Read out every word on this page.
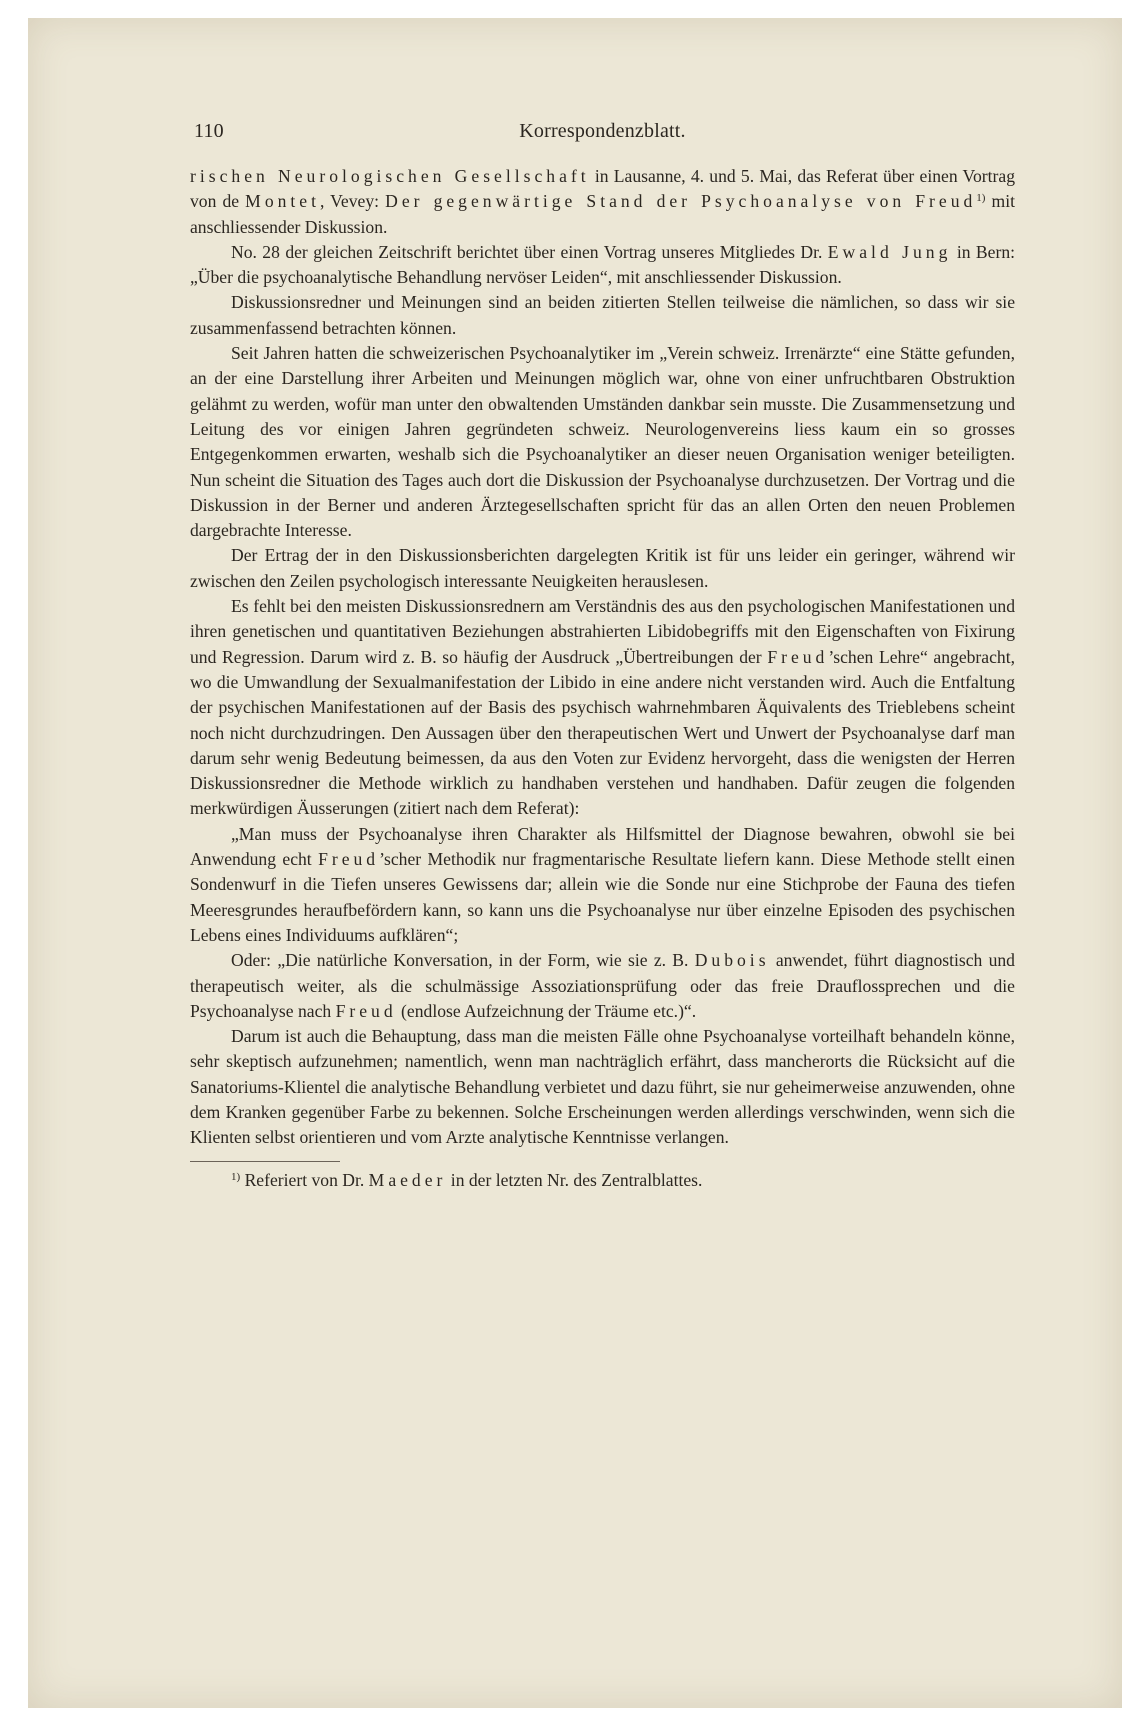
110	Korrespondenzblatt.

rischen Neurologischen Gesellschaft in Lausanne, 4. und 5. Mai, das Referat über einen Vortrag von de Montet, Vevey: Der gegenwärtige Stand der Psychoanalyse von Freud$^{1)}$ mit anschliessender Diskussion.

No. 28 der gleichen Zeitschrift berichtet über einen Vortrag unseres Mitgliedes Dr. Ewald Jung in Bern: „Über die psychoanalytische Behandlung nervöser Leiden“, mit anschliessender Diskussion.

Diskussionsredner und Meinungen sind an beiden zitierten Stellen teilweise die nämlichen, so dass wir sie zusammenfassend betrachten können.

Seit Jahren hatten die schweizerischen Psychoanalytiker im „Verein schweiz. Irrenärzte“ eine Stätte gefunden, an der eine Darstellung ihrer Arbeiten und Meinungen möglich war, ohne von einer unfruchtbaren Obstruktion gelähmt zu werden, wofür man unter den obwaltenden Umständen dankbar sein musste. Die Zusammensetzung und Leitung des vor einigen Jahren gegründeten schweiz. Neurologenvereins liess kaum ein so grosses Entgegenkommen erwarten, weshalb sich die Psychoanalytiker an dieser neuen Organisation weniger beteiligten. Nun scheint die Situation des Tages auch dort die Diskussion der Psychoanalyse durchzusetzen. Der Vortrag und die Diskussion in der Berner und anderen Ärztegesellschaften spricht für das an allen Orten den neuen Problemen dargebrachte Interesse.

Der Ertrag der in den Diskussionsberichten dargelegten Kritik ist für uns leider ein geringer, während wir zwischen den Zeilen psychologisch interessante Neuigkeiten herauslesen.

Es fehlt bei den meisten Diskussionsrednern am Verständnis des aus den psychologischen Manifestationen und ihren genetischen und quantitativen Beziehungen abstrahierten Libidobegriffs mit den Eigenschaften von Fixirung und Regression. Darum wird z. B. so häufig der Ausdruck „Übertreibungen der Freud’schen Lehre“ angebracht, wo die Umwandlung der Sexualmanifestation der Libido in eine andere nicht verstanden wird. Auch die Entfaltung der psychischen Manifestationen auf der Basis des psychisch wahrnehmbaren Äquivalents des Trieblebens scheint noch nicht durchzudringen. Den Aussagen über den therapeutischen Wert und Unwert der Psychoanalyse darf man darum sehr wenig Bedeutung beimessen, da aus den Voten zur Evidenz hervorgeht, dass die wenigsten der Herren Diskussionsredner die Methode wirklich zu handhaben verstehen und handhaben. Dafür zeugen die folgenden merkwürdigen Äusserungen (zitiert nach dem Referat):

„Man muss der Psychoanalyse ihren Charakter als Hilfsmittel der Diagnose bewahren, obwohl sie bei Anwendung echt Freud’scher Methodik nur fragmentarische Resultate liefern kann. Diese Methode stellt einen Sondenwurf in die Tiefen unseres Gewissens dar; allein wie die Sonde nur eine Stichprobe der Fauna des tiefen Meeresgrundes heraufbefördern kann, so kann uns die Psychoanalyse nur über einzelne Episoden des psychischen Lebens eines Individuums aufklären“;

Oder: „Die natürliche Konversation, in der Form, wie sie z. B. Dubois anwendet, führt diagnostisch und therapeutisch weiter, als die schulmässige Assoziationsprüfung oder das freie Drauflossprechen und die Psychoanalyse nach Freud (endlose Aufzeichnung der Träume etc.)“.

Darum ist auch die Behauptung, dass man die meisten Fälle ohne Psychoanalyse vorteilhaft behandeln könne, sehr skeptisch aufzunehmen; namentlich, wenn man nachträglich erfährt, dass mancherorts die Rücksicht auf die Sanatoriums-Klientel die analytische Behandlung verbietet und dazu führt, sie nur geheimerweise anzuwenden, ohne dem Kranken gegenüber Farbe zu bekennen. Solche Erscheinungen werden allerdings verschwinden, wenn sich die Klienten selbst orientieren und vom Arzte analytische Kenntnisse verlangen.

$^{1)}$ Referiert von Dr. Maeder in der letzten Nr. des Zentralblattes.
